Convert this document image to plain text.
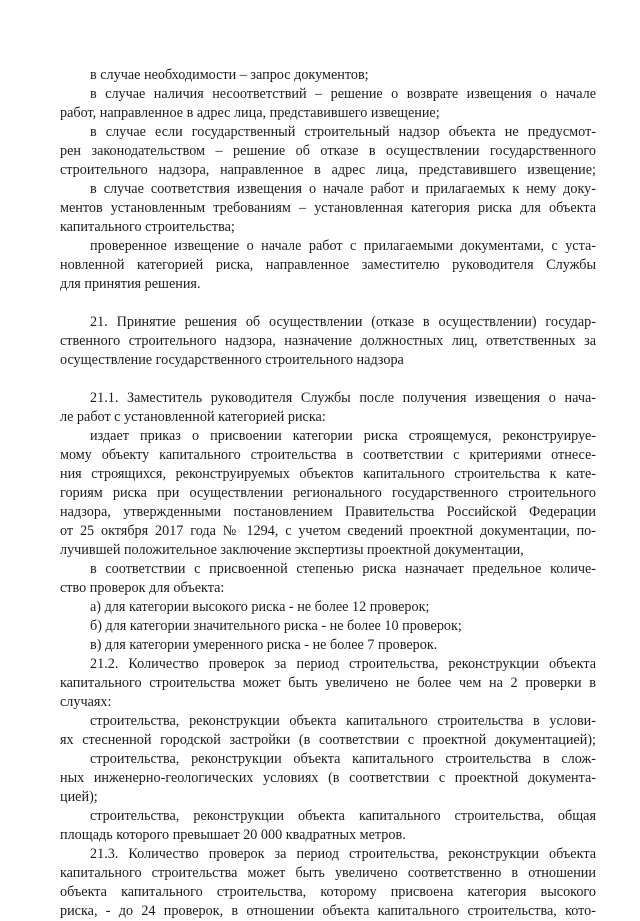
в случае необходимости – запрос документов;
в случае наличия несоответствий – решение о возврате извещения о начале
работ, направленное в адрес лица, представившего извещение;
в случае если государственный строительный надзор объекта не предусмот-
рен законодательством – решение об отказе в осуществлении государственного
строительного надзора, направленное в адрес лица, представившего извещение;
в случае соответствия извещения о начале работ и прилагаемых к нему доку-
ментов установленным требованиям – установленная категория риска для объекта
капитального строительства;
проверенное извещение о начале работ с прилагаемыми документами, с уста-
новленной категорией риска, направленное заместителю руководителя Службы
для принятия решения.
21. Принятие решения об осуществлении (отказе в осуществлении) государ-
ственного строительного надзора, назначение должностных лиц, ответственных за
осуществление государственного строительного надзора
21.1. Заместитель руководителя Службы после получения извещения о нача-
ле работ с установленной категорией риска:
издает приказ о присвоении категории риска строящемуся, реконструируе-
мому объекту капитального строительства в соответствии с критериями отнесе-
ния строящихся, реконструируемых объектов капитального строительства к кате-
гориям риска при осуществлении регионального государственного строительного
надзора, утвержденными постановлением Правительства Российской Федерации
от 25 октября 2017 года № 1294, с учетом сведений проектной документации, по-
лучившей положительное заключение экспертизы проектной документации,
в соответствии с присвоенной степенью риска назначает предельное количе-
ство проверок для объекта:
а) для категории высокого риска - не более 12 проверок;
б) для категории значительного риска - не более 10 проверок;
в) для категории умеренного риска - не более 7 проверок.
21.2. Количество проверок за период строительства, реконструкции объекта
капитального строительства может быть увеличено не более чем на 2 проверки в
случаях:
строительства, реконструкции объекта капитального строительства в услови-
ях стесненной городской застройки (в соответствии с проектной документацией);
строительства, реконструкции объекта капитального строительства в слож-
ных инженерно-геологических условиях (в соответствии с проектной документа-
цией);
строительства, реконструкции объекта капитального строительства, общая
площадь которого превышает 20 000 квадратных метров.
21.3. Количество проверок за период строительства, реконструкции объекта
капитального строительства может быть увеличено соответственно в отношении
объекта капитального строительства, которому присвоена категория высокого
риска, - до 24 проверок, в отношении объекта капитального строительства, кото-
